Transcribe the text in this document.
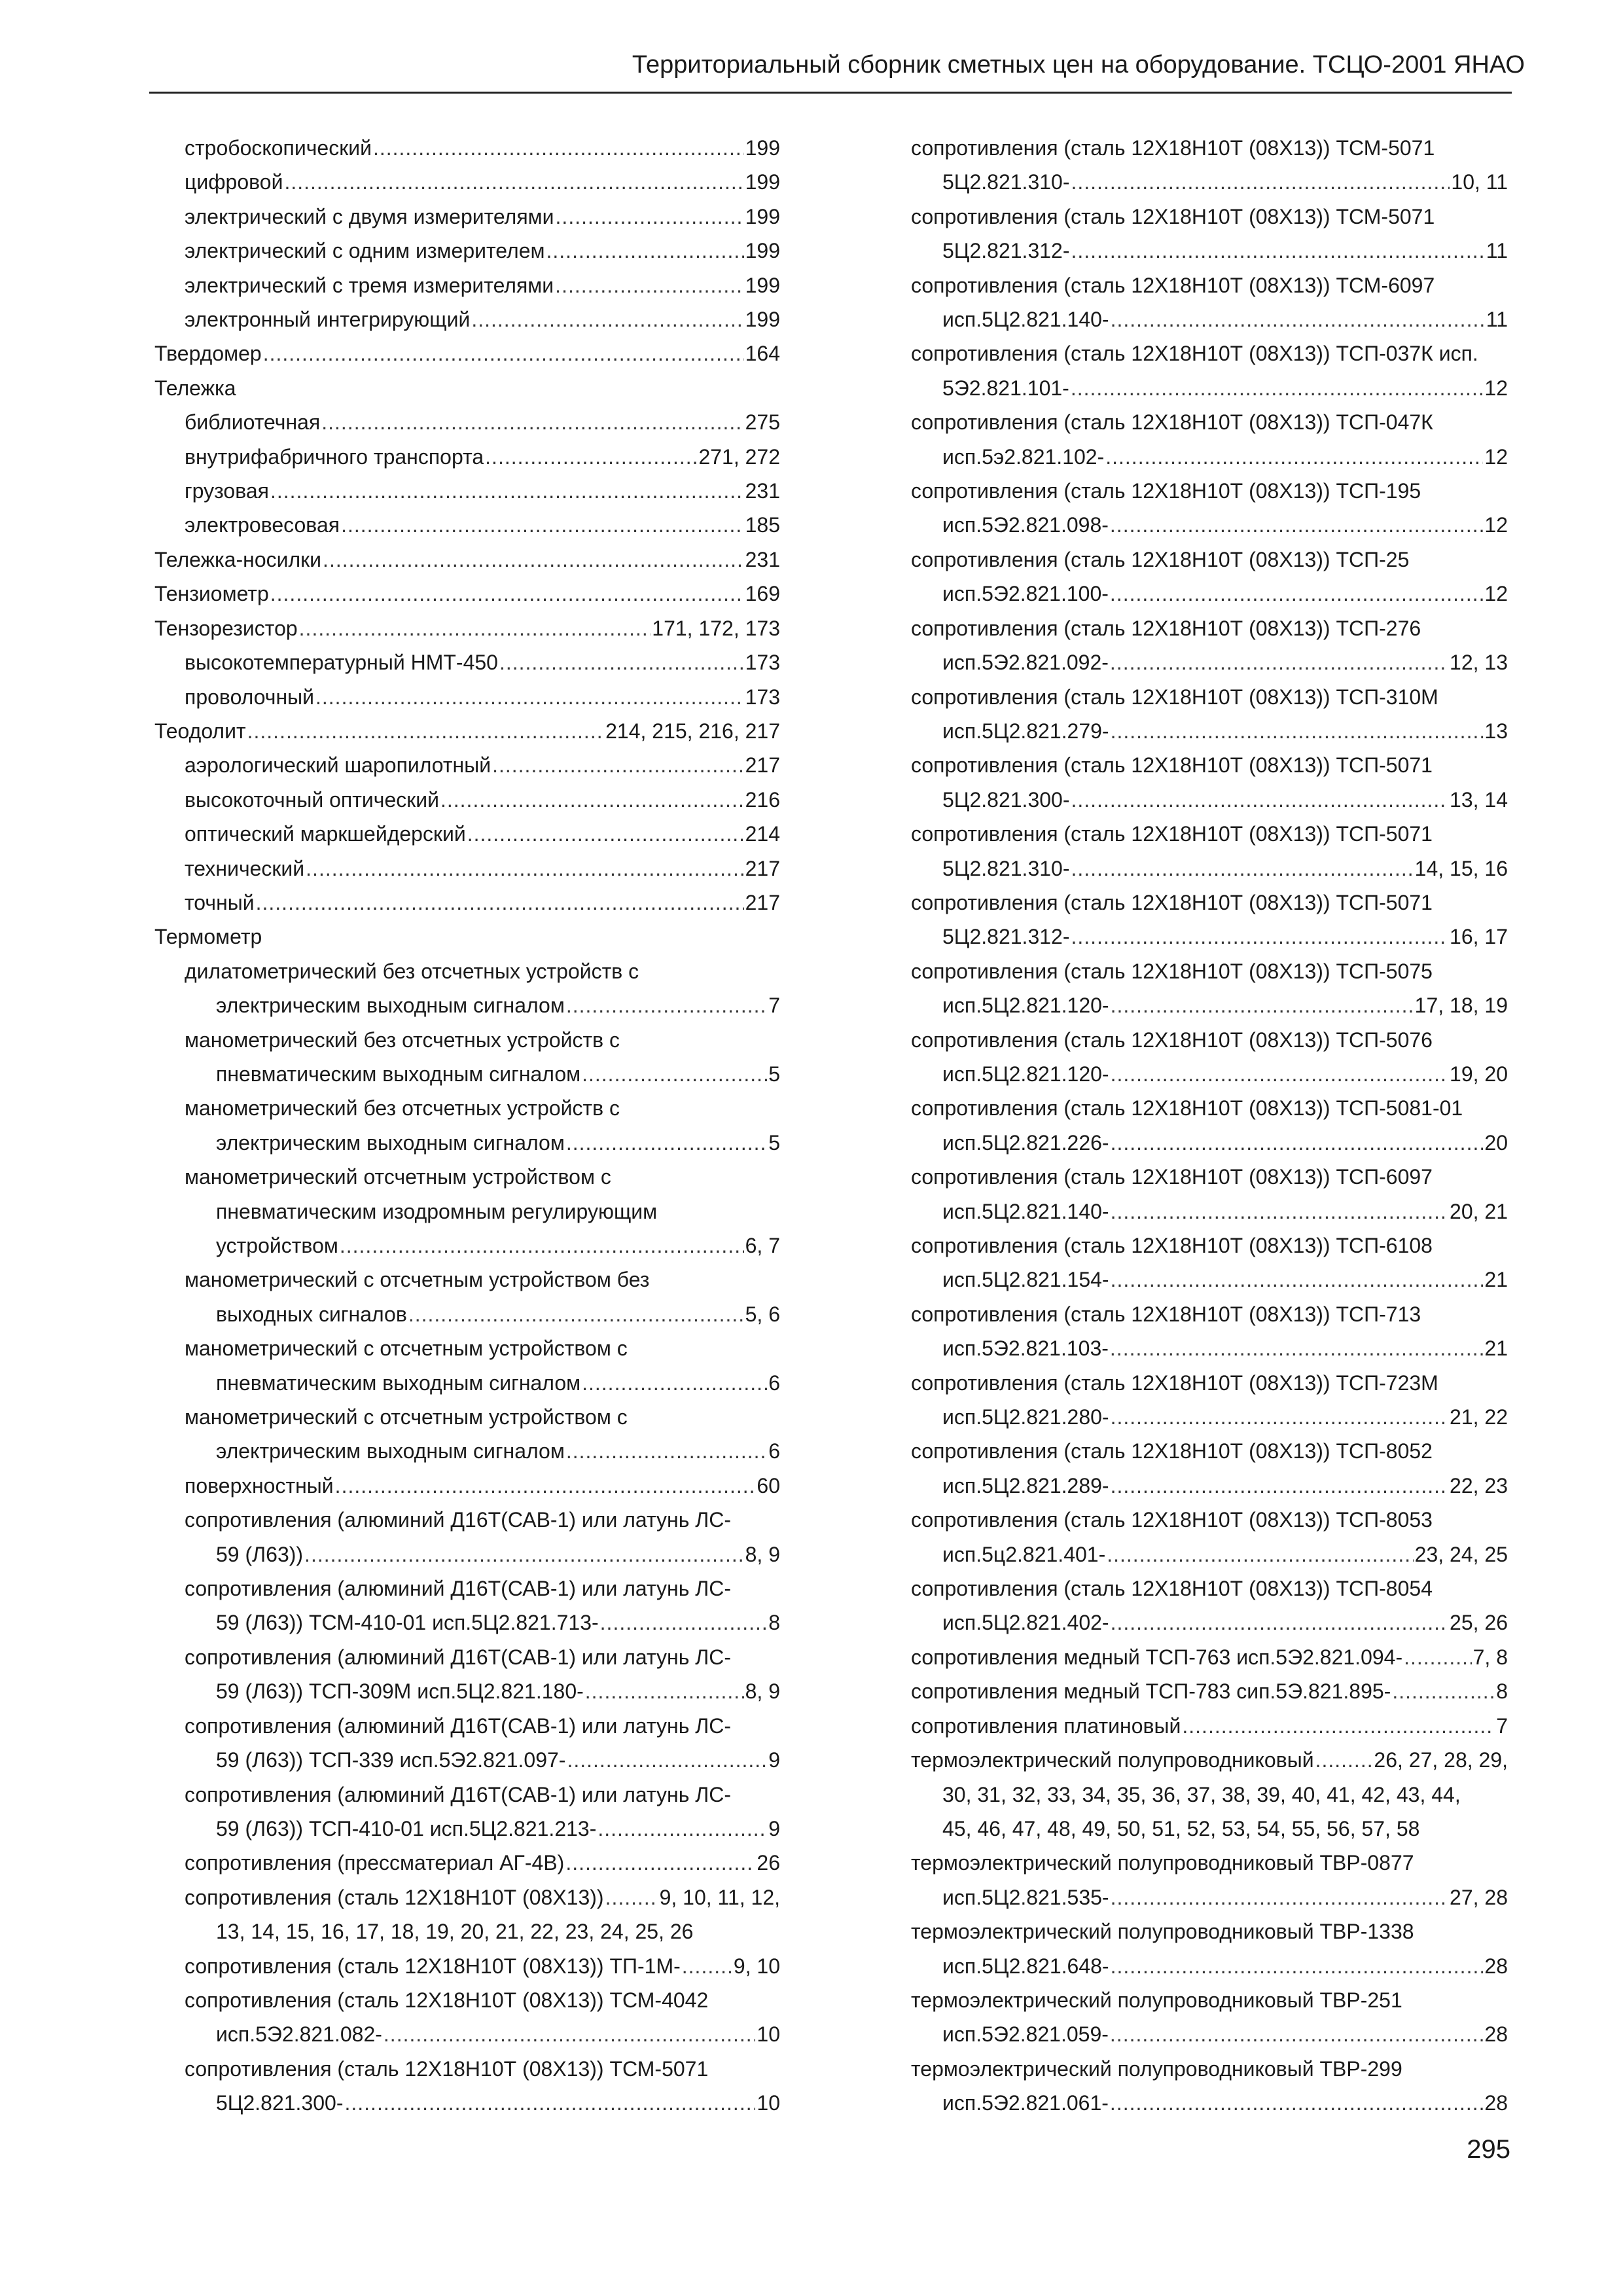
Территориальный сборник сметных цен на оборудование. ТСЦО-2001 ЯНАО
стробоскопический .....	199
цифровой .....	199
электрический с двумя измерителями .....	199
электрический с одним измерителем .....	199
электрический с тремя измерителями .....	199
электронный интегрирующий .....	199
Твердомер .....	164
Тележка
библиотечная .....	275
внутрифабричного транспорта .....	271, 272
грузовая .....	231
электровесовая .....	185
Тележка-носилки .....	231
Тензиометр .....	169
Тензорезистор .....	171, 172, 173
высокотемпературный НМТ-450 .....	173
проволочный .....	173
Теодолит .....	214, 215, 216, 217
аэрологический шаропилотный .....	217
высокоточный оптический .....	216
оптический маркшейдерский .....	214
технический .....	217
точный .....	217
Термометр
дилатометрический без отсчетных устройств с
электрическим выходным сигналом .....	7
манометрический без отсчетных устройств с
пневматическим выходным сигналом .....	5
манометрический без отсчетных устройств с
электрическим выходным сигналом .....	5
манометрический отсчетным устройством с
пневматическим изодромным регулирующим
устройством .....	6, 7
манометрический с отсчетным устройством без
выходных сигналов .....	5, 6
манометрический с отсчетным устройством с
пневматическим выходным сигналом .....	6
манометрический с отсчетным устройством с
электрическим выходным сигналом .....	6
поверхностный .....	60
сопротивления (алюминий Д16Т(САВ-1) или латунь ЛС-
59 (Л63)) .....	8, 9
сопротивления (алюминий Д16Т(САВ-1) или латунь ЛС-
59 (Л63)) ТСМ-410-01 исп.5Ц2.821.713- .....	8
сопротивления (алюминий Д16Т(САВ-1) или латунь ЛС-
59 (Л63)) ТСП-309М исп.5Ц2.821.180- .....	8, 9
сопротивления (алюминий Д16Т(САВ-1) или латунь ЛС-
59 (Л63)) ТСП-339 исп.5Э2.821.097- .....	9
сопротивления (алюминий Д16Т(САВ-1) или латунь ЛС-
59 (Л63)) ТСП-410-01 исп.5Ц2.821.213- .....	9
сопротивления (прессматериал АГ-4В) .....	26
сопротивления (сталь 12Х18Н10Т (08Х13)) .....	9, 10, 11, 12,
13, 14, 15, 16, 17, 18, 19, 20, 21, 22, 23, 24, 25, 26
сопротивления (сталь 12Х18Н10Т (08Х13)) ТП-1М- .....	9, 10
сопротивления (сталь 12Х18Н10Т (08Х13)) ТСМ-4042
исп.5Э2.821.082- .....	10
сопротивления (сталь 12Х18Н10Т (08Х13)) ТСМ-5071
5Ц2.821.300- .....	10
сопротивления (сталь 12Х18Н10Т (08Х13)) ТСМ-5071
5Ц2.821.310- .....	10, 11
сопротивления (сталь 12Х18Н10Т (08Х13)) ТСМ-5071
5Ц2.821.312- .....	11
сопротивления (сталь 12Х18Н10Т (08Х13)) ТСМ-6097
исп.5Ц2.821.140- .....	11
сопротивления (сталь 12Х18Н10Т (08Х13)) ТСП-037К исп.
5Э2.821.101- .....	12
сопротивления (сталь 12Х18Н10Т (08Х13)) ТСП-047К
исп.5э2.821.102- .....	12
сопротивления (сталь 12Х18Н10Т (08Х13)) ТСП-195
исп.5Э2.821.098- .....	12
сопротивления (сталь 12Х18Н10Т (08Х13)) ТСП-25
исп.5Э2.821.100- .....	12
сопротивления (сталь 12Х18Н10Т (08Х13)) ТСП-276
исп.5Э2.821.092- .....	12, 13
сопротивления (сталь 12Х18Н10Т (08Х13)) ТСП-310М
исп.5Ц2.821.279- .....	13
сопротивления (сталь 12Х18Н10Т (08Х13)) ТСП-5071
5Ц2.821.300- .....	13, 14
сопротивления (сталь 12Х18Н10Т (08Х13)) ТСП-5071
5Ц2.821.310- .....	14, 15, 16
сопротивления (сталь 12Х18Н10Т (08Х13)) ТСП-5071
5Ц2.821.312- .....	16, 17
сопротивления (сталь 12Х18Н10Т (08Х13)) ТСП-5075
исп.5Ц2.821.120- .....	17, 18, 19
сопротивления (сталь 12Х18Н10Т (08Х13)) ТСП-5076
исп.5Ц2.821.120- .....	19, 20
сопротивления (сталь 12Х18Н10Т (08Х13)) ТСП-5081-01
исп.5Ц2.821.226- .....	20
сопротивления (сталь 12Х18Н10Т (08Х13)) ТСП-6097
исп.5Ц2.821.140- .....	20, 21
сопротивления (сталь 12Х18Н10Т (08Х13)) ТСП-6108
исп.5Ц2.821.154- .....	21
сопротивления (сталь 12Х18Н10Т (08Х13)) ТСП-713
исп.5Э2.821.103- .....	21
сопротивления (сталь 12Х18Н10Т (08Х13)) ТСП-723М
исп.5Ц2.821.280- .....	21, 22
сопротивления (сталь 12Х18Н10Т (08Х13)) ТСП-8052
исп.5Ц2.821.289- .....	22, 23
сопротивления (сталь 12Х18Н10Т (08Х13)) ТСП-8053
исп.5ц2.821.401- .....	23, 24, 25
сопротивления (сталь 12Х18Н10Т (08Х13)) ТСП-8054
исп.5Ц2.821.402- .....	25, 26
сопротивления медный ТСП-763 исп.5Э2.821.094- .....	7, 8
сопротивления медный ТСП-783 сип.5Э.821.895- .....	8
сопротивления платиновый .....	7
термоэлектрический полупроводниковый .....	26, 27, 28, 29,
30, 31, 32, 33, 34, 35, 36, 37, 38, 39, 40, 41, 42, 43, 44,
45, 46, 47, 48, 49, 50, 51, 52, 53, 54, 55, 56, 57, 58
термоэлектрический полупроводниковый ТВР-0877
исп.5Ц2.821.535- .....	27, 28
термоэлектрический полупроводниковый ТВР-1338
исп.5Ц2.821.648- .....	28
термоэлектрический полупроводниковый ТВР-251
исп.5Э2.821.059- .....	28
термоэлектрический полупроводниковый ТВР-299
исп.5Э2.821.061- .....	28
295
